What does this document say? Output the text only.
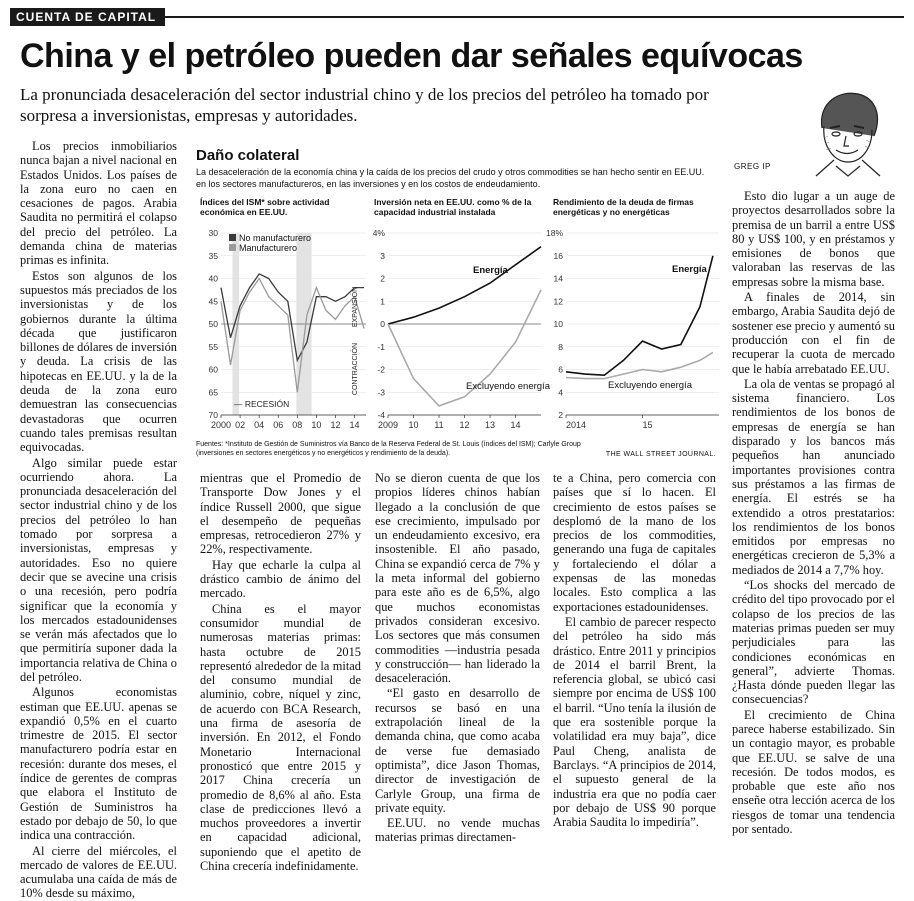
CUENTA DE CAPITAL
China y el petróleo pueden dar señales equívocas
La pronunciada desaceleración del sector industrial chino y de los precios del petróleo ha tomado por sorpresa a inversionistas, empresas y autoridades.
GREG IP
Daño colateral
La desaceleración de la economía china y la caída de los precios del crudo y otros commodities se han hecho sentir en EE.UU. en los sectores manufactureros, en las inversiones y en los costos de endeudamiento.
Índices del ISM* sobre actividad económica en EE.UU.
Inversión neta en EE.UU. como % de la capacidad industrial instalada
Rendimiento de la deuda de firmas energéticas y no energéticas
30
35
40
45
50
55
60
65
70
2000 02 04 06 08 10 12 14
4%
3
2
1
0
-1
-2
-3
-4
2009 10 11 12 13 14
18%
16
14
12
10
8
6
4
2
2014	15
No manufacturero
Manufacturero
— RECESIÓN
EXPANSIÓN
CONTRACCIÓN
Energía
Excluyendo energía
Energía
Excluyendo energía
Fuentes: *Instituto de Gestión de Suministros vía Banco de la Reserva Federal de St. Louis (índices del ISM); Carlyle Group (inversiones en sectores energéticos y no energéticos y rendimiento de la deuda).	THE WALL STREET JOURNAL.

Los precios inmobiliarios nunca bajan a nivel nacional en Estados Unidos. Los países de la zona euro no caen en cesaciones de pagos. Arabia Saudita no permitirá el colapso del precio del petróleo. La demanda china de materias primas es infinita.

Estos son algunos de los supuestos más preciados de los inversionistas y de los gobiernos durante la última década que justificaron billones de dólares de inversión y deuda. La crisis de las hipotecas en EE.UU. y la de la deuda de la zona euro demuestran las consecuencias devastadoras que ocurren cuando tales premisas resultan equivocadas.

Algo similar puede estar ocurriendo ahora. La pronunciada desaceleración del sector industrial chino y de los precios del petróleo lo han tomado por sorpresa a inversionistas, empresas y autoridades. Eso no quiere decir que se avecine una crisis o una recesión, pero podría significar que la economía y los mercados estadounidenses se verán más afectados que lo que permitiría suponer dada la importancia relativa de China o del petróleo.

Algunos economistas estiman que EE.UU. apenas se expandió 0,5% en el cuarto trimestre de 2015. El sector manufacturero podría estar en recesión: durante dos meses, el índice de gerentes de compras que elabora el Instituto de Gestión de Suministros ha estado por debajo de 50, lo que indica una contracción.

Al cierre del miércoles, el mercado de valores de EE.UU. acumulaba una caída de más de 10% desde su máximo,

mientras que el Promedio de Transporte Dow Jones y el índice Russell 2000, que sigue el desempeño de pequeñas empresas, retrocedieron 27% y 22%, respectivamente.

Hay que echarle la culpa al drástico cambio de ánimo del mercado.

China es el mayor consumidor mundial de numerosas materias primas: hasta octubre de 2015 representó alrededor de la mitad del consumo mundial de aluminio, cobre, níquel y zinc, de acuerdo con BCA Research, una firma de asesoría de inversión. En 2012, el Fondo Monetario Internacional pronosticó que entre 2015 y 2017 China crecería un promedio de 8,6% al año. Esta clase de predicciones llevó a muchos proveedores a invertir en capacidad adicional, suponiendo que el apetito de China crecería indefinidamente.

No se dieron cuenta de que los propios líderes chinos habían llegado a la conclusión de que ese crecimiento, impulsado por un endeudamiento excesivo, era insostenible. El año pasado, China se expandió cerca de 7% y la meta informal del gobierno para este año es de 6,5%, algo que muchos economistas privados consideran excesivo. Los sectores que más consumen commodities —industria pesada y construcción— han liderado la desaceleración.

“El gasto en desarrollo de recursos se basó en una extrapolación lineal de la demanda china, que como acaba de verse fue demasiado optimista”, dice Jason Thomas, director de investigación de Carlyle Group, una firma de private equity.

EE.UU. no vende muchas materias primas directamen-

te a China, pero comercia con países que sí lo hacen. El crecimiento de estos países se desplomó de la mano de los precios de los commodities, generando una fuga de capitales y fortaleciendo el dólar a expensas de las monedas locales. Esto complica a las exportaciones estadounidenses.

El cambio de parecer respecto del petróleo ha sido más drástico. Entre 2011 y principios de 2014 el barril Brent, la referencia global, se ubicó casi siempre por encima de US$ 100 el barril. “Uno tenía la ilusión de que era sostenible porque la volatilidad era muy baja”, dice Paul Cheng, analista de Barclays. “A principios de 2014, el supuesto general de la industria era que no podía caer por debajo de US$ 90 porque Arabia Saudita lo impediría”.

Esto dio lugar a un auge de proyectos desarrollados sobre la premisa de un barril a entre US$ 80 y US$ 100, y en préstamos y emisiones de bonos que valoraban las reservas de las empresas sobre la misma base.

A finales de 2014, sin embargo, Arabia Saudita dejó de sostener ese precio y aumentó su producción con el fin de recuperar la cuota de mercado que le había arrebatado EE.UU.

La ola de ventas se propagó al sistema financiero. Los rendimientos de los bonos de empresas de energía se han disparado y los bancos más pequeños han anunciado importantes provisiones contra sus préstamos a las firmas de energía. El estrés se ha extendido a otros prestatarios: los rendimientos de los bonos emitidos por empresas no energéticas crecieron de 5,3% a mediados de 2014 a 7,7% hoy.

“Los shocks del mercado de crédito del tipo provocado por el colapso de los precios de las materias primas pueden ser muy perjudiciales para las condiciones económicas en general”, advierte Thomas. ¿Hasta dónde pueden llegar las consecuencias?

El crecimiento de China parece haberse estabilizado. Sin un contagio mayor, es probable que EE.UU. se salve de una recesión. De todos modos, es probable que este año nos enseñe otra lección acerca de los riesgos de tomar una tendencia por sentado.
